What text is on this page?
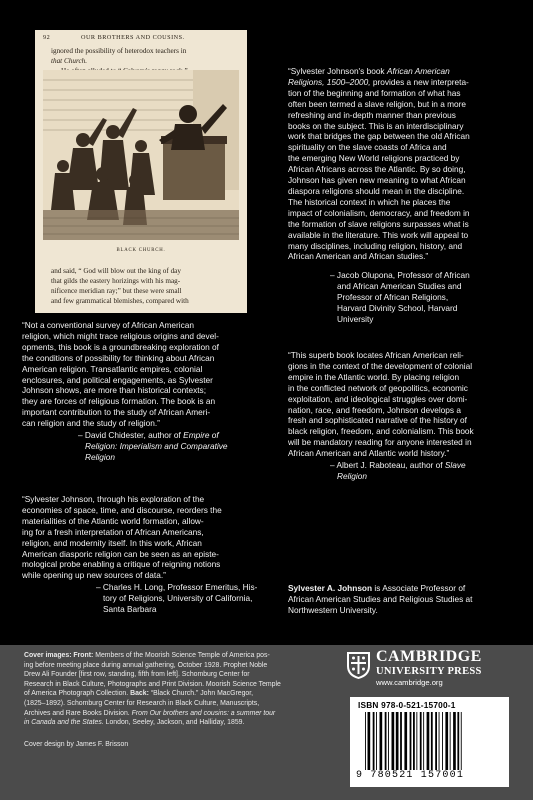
92	OUR BROTHERS AND COUSINS.
ignored the possibility of heterodox teachers in
that Church.
BLACK CHURCH.
and said, “ God will blow out the king of day
that gilds the eastery horizings with his mag-
nificence meridian ray;” but these were small
and few grammatical blemishes, compared with

“Sylvester Johnson's book African American

Religions, 1500–2000, provides a new interpreta-

tion of the beginning and formation of what has

often been termed a slave religion, but in a more

refreshing and in-depth manner than previous

books on the subject. This is an interdisciplinary

work that bridges the gap between the old African

spirituality on the slave coasts of Africa and

the emerging New World religions practiced by

African Africans across the Atlantic. By so doing,

Johnson has given new meaning to what African

diaspora religions should mean in the discipline.

The historical context in which he places the

impact of colonialism, democracy, and freedom in

the formation of slave religions surpasses what is

available in the literature. This work will appeal to

many disciplines, including religion, history, and

African American and African studies.”

– Jacob Olupona, Professor of African
and African American Studies and
Professor of African Religions,
Harvard Divinity School, Harvard
University

“This superb book locates African American reli-

gions in the context of the development of colonial

empire in the Atlantic world. By placing religion

in the conflicted network of geopolitics, economic

exploitation, and ideological struggles over domi-

nation, race, and freedom, Johnson develops a

fresh and sophisticated narrative of the history of

black religion, freedom, and colonialism. This book

will be mandatory reading for anyone interested in

African American and Atlantic world history.”

– Albert J. Raboteau, author of Slave
Religion

“Not a conventional survey of African American

religion, which might trace religious origins and devel-

opments, this book is a groundbreaking exploration of

the conditions of possibility for thinking about African

American religion. Transatlantic empires, colonial

enclosures, and political engagements, as Sylvester

Johnson shows, are more than historical contexts;

they are forces of religious formation. The book is an

important contribution to the study of African Ameri-

can religion and the study of religion.”

– David Chidester, author of Empire of
Religion: Imperialism and Comparative
Religion

“Sylvester Johnson, through his exploration of the

economies of space, time, and discourse, reorders the

materialities of the Atlantic world formation, allow-

ing for a fresh interpretation of African Americans,

religion, and modernity itself. In this work, African

American diasporic religion can be seen as an episte-

mological probe enabling a critique of reigning notions

while opening up new sources of data.”

– Charles H. Long, Professor Emeritus, His-
tory of Religions, University of California,
Santa Barbara

Sylvester A. Johnson is Associate Professor of

African American Studies and Religious Studies at

Northwestern University.

Cover images: Front: Members of the Moorish Science Temple of America pos-

ing before meeting place during annual gathering, October 1928. Prophet Noble

Drew Ali Founder [first row, standing, fifth from left]. Schomburg Center for

Research in Black Culture, Photographs and Print Division. Moorish Science Temple

of America Photograph Collection. Back: “Black Church.” John MacGregor,

(1825–1892). Schomburg Center for Research in Black Culture, Manuscripts,

Archives and Rare Books Division. From Our brothers and cousins: a summer tour

in Canada and the States. London, Seeley, Jackson, and Halliday, 1859.

Cover design by James F. Brisson
CAMBRIDGE
UNIVERSITY PRESS
www.cambridge.org
ISBN 978-0-521-15700-1
9 780521 157001
